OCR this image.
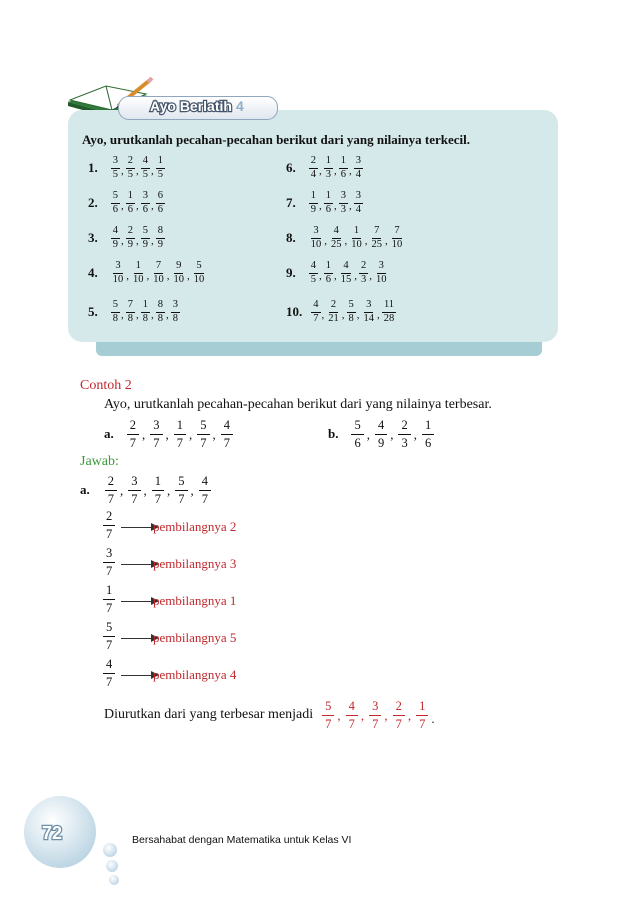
Ayo Berlatih 4
Ayo, urutkanlah pecahan-pecahan berikut dari yang nilainya terkecil.
1. $\frac{3}{5}$ , $\frac{2}{5}$ , $\frac{4}{5}$ , $\frac{1}{5}$
2. $\frac{5}{6}$ , $\frac{1}{6}$ , $\frac{3}{6}$ , $\frac{6}{6}$
3. $\frac{4}{9}$ , $\frac{2}{9}$ , $\frac{5}{9}$ , $\frac{8}{9}$
4. $\frac{3}{10}$ , $\frac{1}{10}$ , $\frac{7}{10}$ , $\frac{9}{10}$ , $\frac{5}{10}$
5. $\frac{5}{8}$ , $\frac{7}{8}$ , $\frac{1}{8}$ , $\frac{8}{8}$ , $\frac{3}{8}$
6. $\frac{2}{4}$ , $\frac{1}{3}$ , $\frac{1}{6}$ , $\frac{3}{4}$
7. $\frac{1}{9}$ , $\frac{1}{6}$ , $\frac{3}{3}$ , $\frac{3}{4}$
8. $\frac{3}{10}$ , $\frac{4}{25}$ , $\frac{1}{10}$ , $\frac{7}{25}$ , $\frac{7}{10}$
9. $\frac{4}{5}$ , $\frac{1}{6}$ , $\frac{4}{15}$ , $\frac{2}{3}$ , $\frac{3}{10}$
10. $\frac{4}{7}$ , $\frac{2}{21}$ , $\frac{5}{8}$ , $\frac{3}{14}$ , $\frac{11}{28}$
Contoh 2
Ayo, urutkanlah pecahan-pecahan berikut dari yang nilainya terbesar.
a. $\frac{2}{7}$ , $\frac{3}{7}$ , $\frac{1}{7}$ , $\frac{5}{7}$ , $\frac{4}{7}$	b. $\frac{5}{6}$ , $\frac{4}{9}$ , $\frac{2}{3}$ , $\frac{1}{6}$
Jawab:
a. $\frac{2}{7}$ , $\frac{3}{7}$ , $\frac{1}{7}$ , $\frac{5}{7}$ , $\frac{4}{7}$
$\frac{2}{7}$	pembilangnya 2
$\frac{3}{7}$	pembilangnya 3
$\frac{1}{7}$	pembilangnya 1
$\frac{5}{7}$	pembilangnya 5
$\frac{4}{7}$	pembilangnya 4
Diurutkan dari yang terbesar menjadi $\frac{5}{7}$ , $\frac{4}{7}$ , $\frac{3}{7}$ , $\frac{2}{7}$ , $\frac{1}{7}$ .
72	Bersahabat dengan Matematika untuk Kelas VI
